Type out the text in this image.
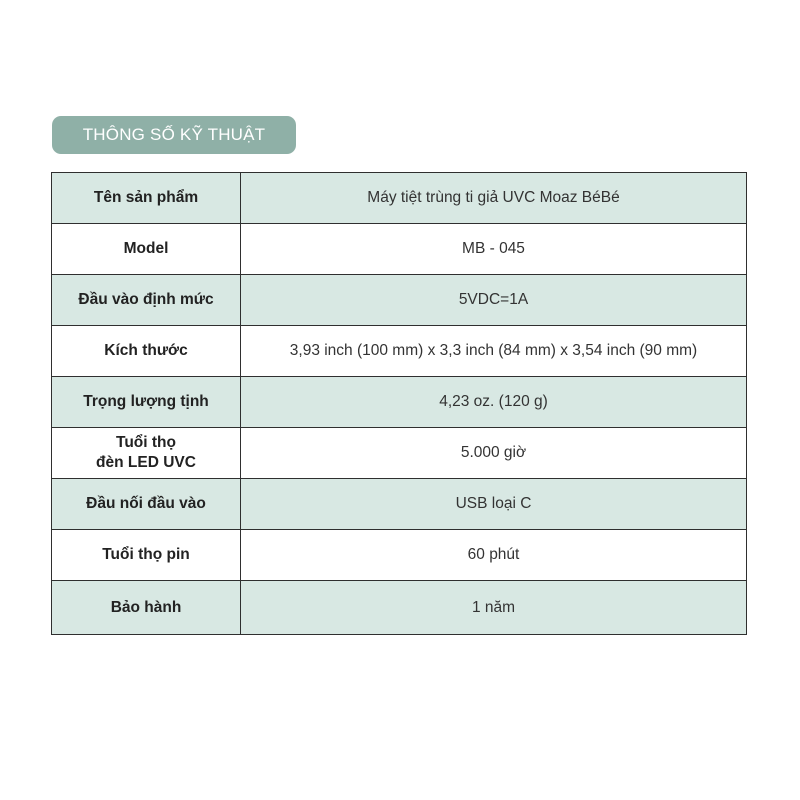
THÔNG SỐ KỸ THUẬT
Tên sản phẩm	Máy tiệt trùng ti giả UVC Moaz BéBé
Model	MB - 045
Đầu vào định mức	5VDC=1A
Kích thước	3,93 inch (100 mm) x 3,3 inch (84 mm) x 3,54 inch (90 mm)
Trọng lượng tịnh	4,23 oz. (120 g)

Tuổi thọ
đèn LED UVC	5.000 giờ
Đầu nối đầu vào	USB loại C
Tuổi thọ pin	60 phút
Bảo hành	1 năm
